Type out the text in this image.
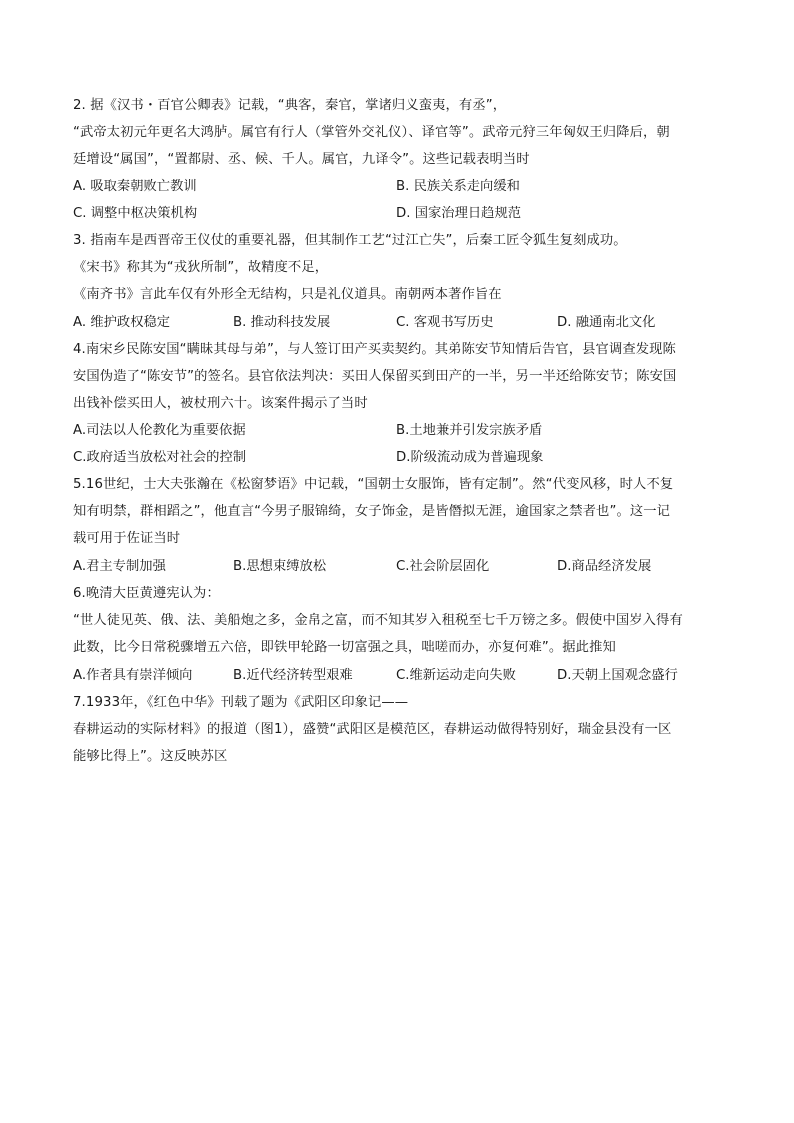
2. 据《汉书・百官公卿表》记载，“典客，秦官，掌诸归义蛮夷，有丞”，
“武帝太初元年更名大鸿胪。属官有行人（掌管外交礼仪）、译官等”。武帝元狩三年匈奴王归降后，朝
廷增设“属国”，“置都尉、丞、候、千人。属官，九译令”。这些记载表明当时
A. 吸取秦朝败亡教训	B. 民族关系走向缓和
C. 调整中枢决策机构	D. 国家治理日趋规范
3. 指南车是西晋帝王仪仗的重要礼器，但其制作工艺“过江亡失”，后秦工匠令狐生复刻成功。
《宋书》称其为“戎狄所制”，故精度不足，
《南齐书》言此车仅有外形全无结构，只是礼仪道具。南朝两本著作旨在
A. 维护政权稳定	B. 推动科技发展	C. 客观书写历史	D. 融通南北文化
4.南宋乡民陈安国“瞒昧其母与弟”，与人签订田产买卖契约。其弟陈安节知情后告官，县官调查发现陈
安国伪造了“陈安节”的签名。县官依法判决：买田人保留买到田产的一半，另一半还给陈安节；陈安国
出钱补偿买田人，被杖刑六十。该案件揭示了当时
A.司法以人伦教化为重要依据	B.土地兼并引发宗族矛盾
C.政府适当放松对社会的控制	D.阶级流动成为普遍现象
5.16世纪，士大夫张瀚在《松窗梦语》中记载，“国朝士女服饰，皆有定制”。然“代变风移，时人不复
知有明禁，群相蹈之”，他直言“今男子服锦绮，女子饰金，是皆僭拟无涯，逾国家之禁者也”。这一记
载可用于佐证当时
A.君主专制加强	B.思想束缚放松	C.社会阶层固化	D.商品经济发展
6.晚清大臣黄遵宪认为：
“世人徒见英、俄、法、美船炮之多，金帛之富，而不知其岁入租税至七千万镑之多。假使中国岁入得有
此数，比今日常税骤增五六倍，即铁甲轮路一切富强之具，咄嗟而办，亦复何难”。据此推知
A.作者具有崇洋倾向	B.近代经济转型艰难	C.维新运动走向失败	D.天朝上国观念盛行
7.1933年，《红色中华》刊载了题为《武阳区印象记——
春耕运动的实际材料》的报道（图1），盛赞“武阳区是模范区，春耕运动做得特别好，瑞金县没有一区
能够比得上”。这反映苏区
